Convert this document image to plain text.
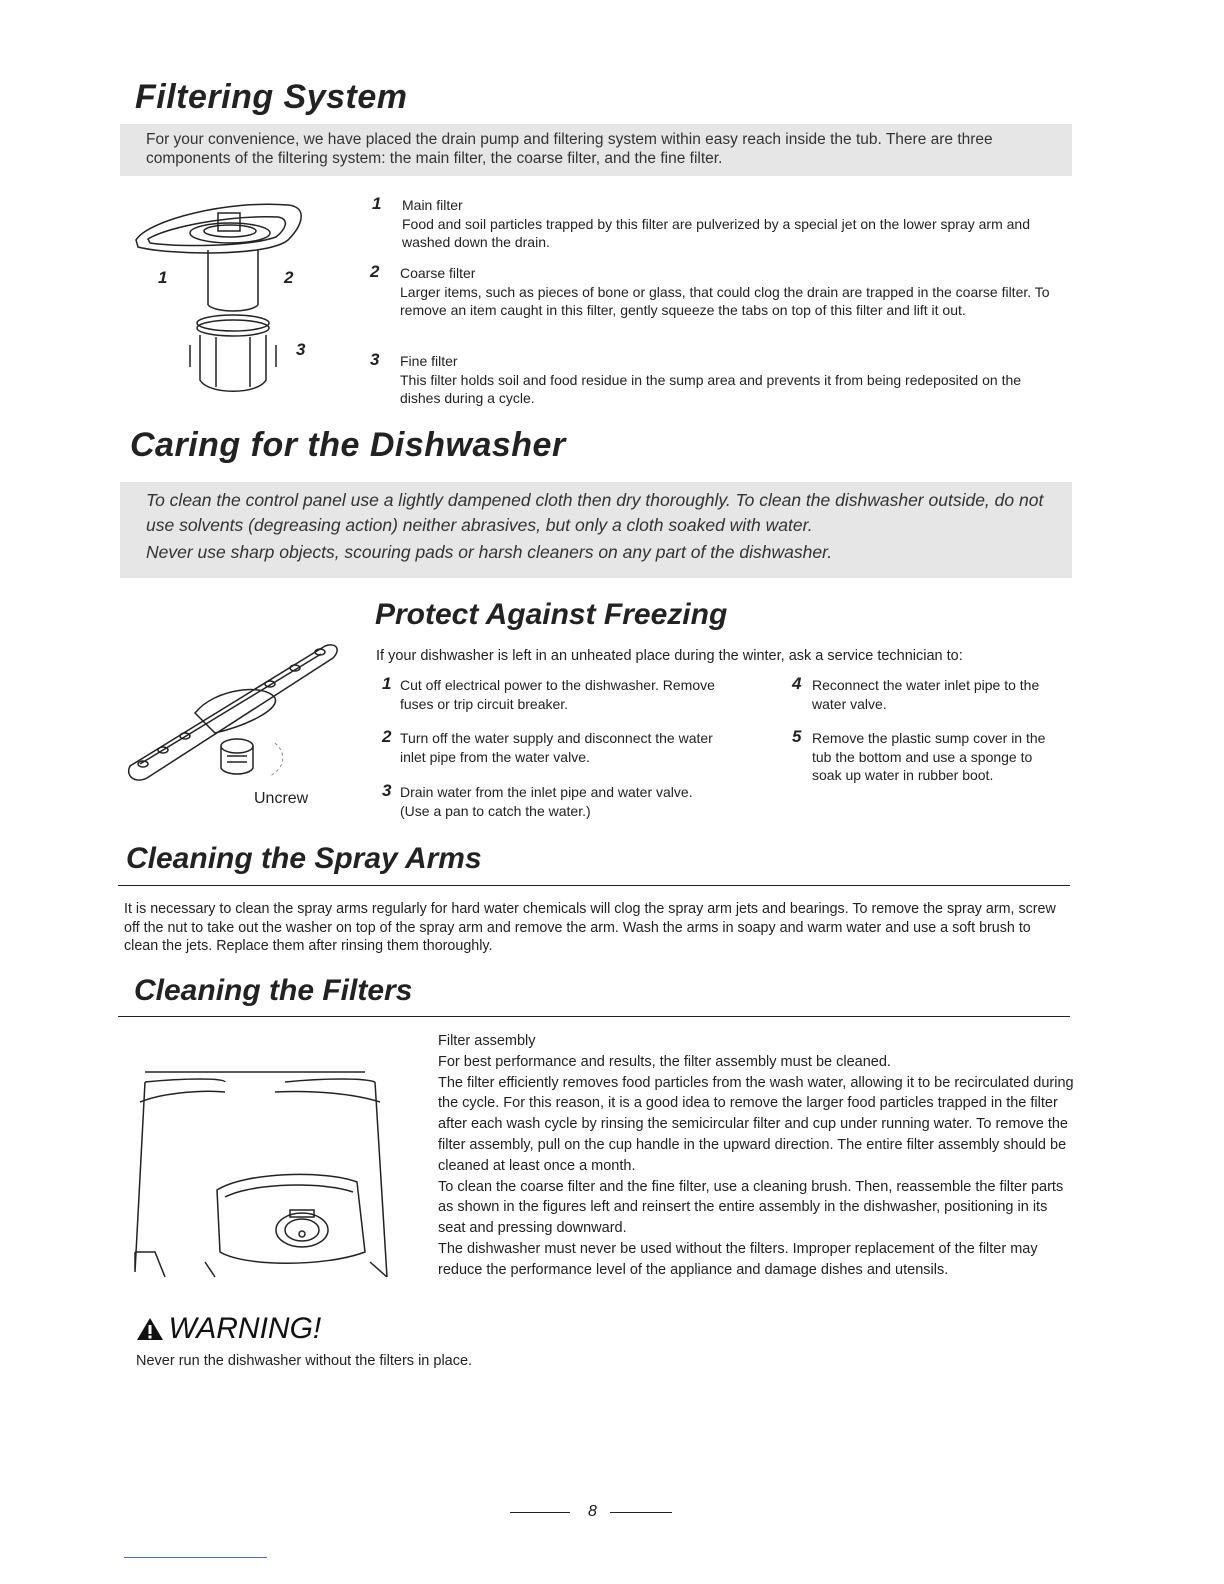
Filtering System

For your convenience, we have placed the drain pump and filtering system within easy reach inside the tub. There are three components of the filtering system: the main filter, the coarse filter, and the fine filter.

1	2
3
1 Main filter

Food and soil particles trapped by this filter are pulverized by a special jet on the lower spray arm and washed down the drain.

2 Coarse filter

Larger items, such as pieces of bone or glass, that could clog the drain are trapped in the coarse filter. To remove an item caught in this filter, gently squeeze the tabs on top of this filter and lift it out.

3 Fine filter

This filter holds soil and food residue in the sump area and prevents it from being redeposited on the dishes during a cycle.

Caring for the Dishwasher

To clean the control panel use a lightly dampened cloth then dry thoroughly. To clean the dishwasher outside, do not use solvents (degreasing action) neither abrasives, but only a cloth soaked with water.

Never use sharp objects, scouring pads or harsh cleaners on any part of the dishwasher.

Protect Against Freezing

If your dishwasher is left in an unheated place during the winter, ask a service technician to:

Uncrew

1 Cut off electrical power to the dishwasher. Remove fuses or trip circuit breaker.

2 Turn off the water supply and disconnect the water inlet pipe from the water valve.

3 Drain water from the inlet pipe and water valve. (Use a pan to catch the water.)

4 Reconnect the water inlet pipe to the water valve.

5 Remove the plastic sump cover in the tub the bottom and use a sponge to soak up water in rubber boot.

Cleaning the Spray Arms

It is necessary to clean the spray arms regularly for hard water chemicals will clog the spray arm jets and bearings. To remove the spray arm, screw off the nut to take out the washer on top of the spray arm and remove the arm. Wash the arms in soapy and warm water and use a soft brush to clean the jets. Replace them after rinsing them thoroughly.

Cleaning the Filters

Filter assembly

For best performance and results, the filter assembly must be cleaned.

The filter efficiently removes food particles from the wash water, allowing it to be recirculated during the cycle. For this reason, it is a good idea to remove the larger food particles trapped in the filter after each wash cycle by rinsing the semicircular filter and cup under running water. To remove the filter assembly, pull on the cup handle in the upward direction. The entire filter assembly should be cleaned at least once a month.

To clean the coarse filter and the fine filter, use a cleaning brush. Then, reassemble the filter parts as shown in the figures left and reinsert the entire assembly in the dishwasher, positioning in its seat and pressing downward.

The dishwasher must never be used without the filters. Improper replacement of the filter may reduce the performance level of the appliance and damage dishes and utensils.

WARNING!

Never run the dishwasher without the filters in place.

8
